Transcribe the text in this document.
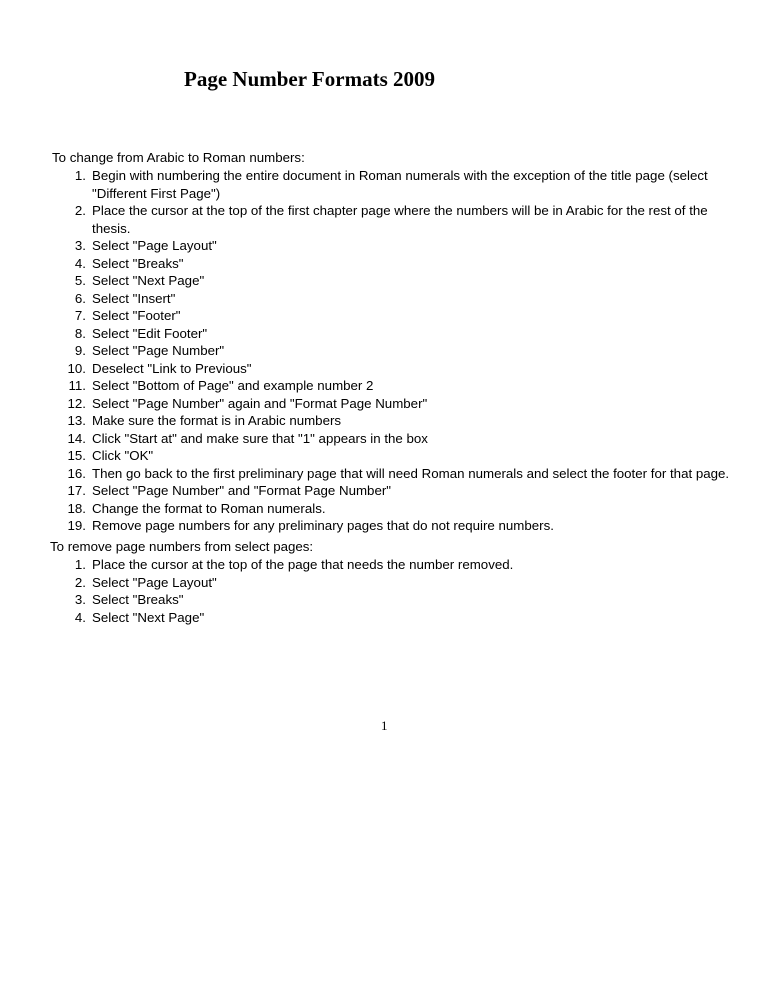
Page Number Formats 2009
To change from Arabic to Roman numbers:
1. Begin with numbering the entire document in Roman numerals with the exception of the title page (select "Different First Page")
2. Place the cursor at the top of the first chapter page where the numbers will be in Arabic for the rest of the thesis.
3. Select "Page Layout"
4. Select "Breaks"
5. Select "Next Page"
6. Select "Insert"
7. Select "Footer"
8. Select "Edit Footer"
9. Select "Page Number"
10. Deselect "Link to Previous"
11. Select "Bottom of Page" and example number 2
12. Select "Page Number" again and "Format Page Number"
13. Make sure the format is in Arabic numbers
14. Click "Start at" and make sure that "1" appears in the box
15. Click "OK"
16. Then go back to the first preliminary page that will need Roman numerals and select the footer for that page.
17. Select "Page Number" and "Format Page Number"
18. Change the format to Roman numerals.
19. Remove page numbers for any preliminary pages that do not require numbers.
To remove page numbers from select pages:
1. Place the cursor at the top of the page that needs the number removed.
2. Select "Page Layout"
3. Select "Breaks"
4. Select "Next Page"
1
